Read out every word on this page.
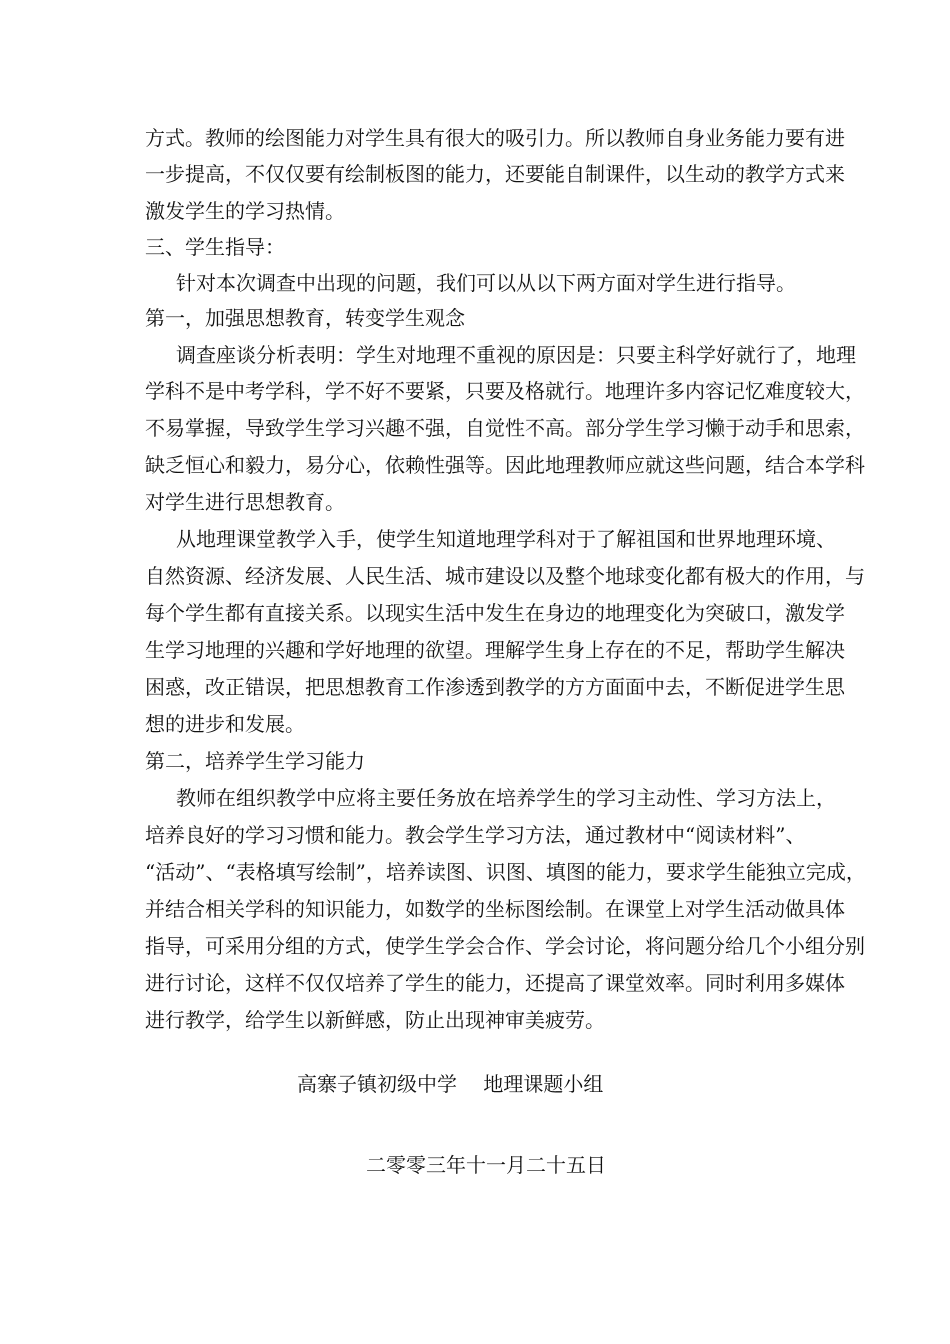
方式。教师的绘图能力对学生具有很大的吸引力。所以教师自身业务能力要有进
一步提高，不仅仅要有绘制板图的能力，还要能自制课件，以生动的教学方式来
激发学生的学习热情。
三、学生指导：
针对本次调查中出现的问题，我们可以从以下两方面对学生进行指导。
第一，加强思想教育，转变学生观念
调查座谈分析表明：学生对地理不重视的原因是：只要主科学好就行了，地理
学科不是中考学科，学不好不要紧，只要及格就行。地理许多内容记忆难度较大，
不易掌握，导致学生学习兴趣不强，自觉性不高。部分学生学习懒于动手和思索，
缺乏恒心和毅力，易分心，依赖性强等。因此地理教师应就这些问题，结合本学科
对学生进行思想教育。
从地理课堂教学入手，使学生知道地理学科对于了解祖国和世界地理环境、
自然资源、经济发展、人民生活、城市建设以及整个地球变化都有极大的作用，与
每个学生都有直接关系。以现实生活中发生在身边的地理变化为突破口，激发学
生学习地理的兴趣和学好地理的欲望。理解学生身上存在的不足，帮助学生解决
困惑，改正错误，把思想教育工作渗透到教学的方方面面中去，不断促进学生思
想的进步和发展。
第二，培养学生学习能力
教师在组织教学中应将主要任务放在培养学生的学习主动性、学习方法上，
培养良好的学习习惯和能力。教会学生学习方法，通过教材中“阅读材料”、
“活动”、“表格填写绘制”，培养读图、识图、填图的能力，要求学生能独立完成，
并结合相关学科的知识能力，如数学的坐标图绘制。在课堂上对学生活动做具体
指导，可采用分组的方式，使学生学会合作、学会讨论，将问题分给几个小组分别
进行讨论，这样不仅仅培养了学生的能力，还提高了课堂效率。同时利用多媒体
进行教学，给学生以新鲜感，防止出现神审美疲劳。
高寨子镇初级中学　 地理课题小组
二零零三年十一月二十五日
